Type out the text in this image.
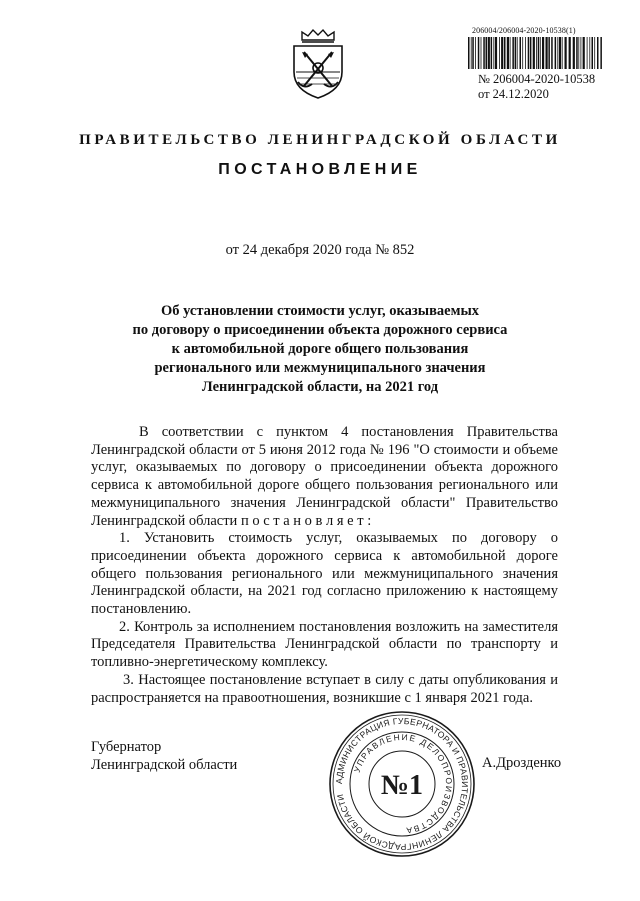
206004/206004-2020-10538(1)
№ 206004-2020-10538
от 24.12.2020
ПРАВИТЕЛЬСТВО ЛЕНИНГРАДСКОЙ ОБЛАСТИ
ПОСТАНОВЛЕНИЕ
от 24 декабря 2020 года № 852
Об установлении стоимости услуг, оказываемых
по договору о присоединении объекта дорожного сервиса
к автомобильной дороге общего пользования
регионального или межмуниципального значения
Ленинградской области, на 2021 год

В соответствии с пунктом 4 постановления Правительства Ленинградской области от 5 июня 2012 года № 196 "О стоимости и объеме услуг, оказываемых по договору о присоединении объекта дорожного сервиса к автомобильной дороге общего пользования регионального или межмуниципального значения Ленинградской области" Правительство Ленинградской области п о с т а н о в л я е т :

1. Установить стоимость услуг, оказываемых по договору о присоединении объекта дорожного сервиса к автомобильной дороге общего пользования регионального или межмуниципального значения Ленинградской области, на 2021 год согласно приложению к настоящему постановлению.

2. Контроль за исполнением постановления возложить на заместителя Председателя Правительства Ленинградской области по транспорту и топливно-энергетическому комплексу.

3. Настоящее постановление вступает в силу с даты опубликования и распространяется на правоотношения, возникшие с 1 января 2021 года.

Губернатор
Ленинградской области	А.Дрозденко
АДМИНИСТРАЦИЯ ГУБЕРНАТОРА И ПРАВИТЕЛЬСТВА ЛЕНИНГРАДСКОЙ ОБЛАСТИ
УПРАВЛЕНИЕ ДЕЛОПРОИЗВОДСТВА
№1
